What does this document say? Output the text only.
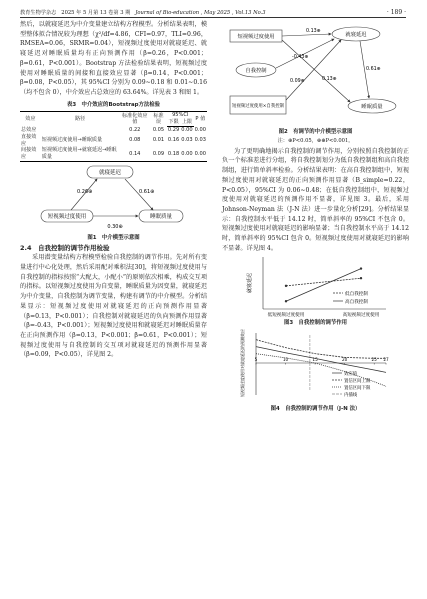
教育生物学杂志 2025 年 5 月第 13 卷第 3 期 Journal of Bio-education , May 2025 , Vol.13 No.3	· 189 ·

然后，以就寝延迟为中介变量建立结构方程模型。分析结果表明，模型整体拟合情况较为理想（χ²/df=4.86，CFI=0.97，TLI=0.96，RMSEA=0.06，SRMR=0.04），短视频过度使用对就寝延迟、就寝延迟对睡眠质量均有正向预测作用（β=0.26，P<0.001；β=0.61，P<0.001）。Bootstrap 方法检验结果表明，短视频过度使用对睡眠质量的间接和直接效应显著（β=0.14，P<0.001；β=0.08，P<0.05），其 95%CI 分别为 0.09~0.18 和 0.01~0.16（均不包含 0），中介效应占总效应的 63.64%。详见表 3 和图 1。

表3　中介效应的Bootstrap方法检验
效应	路径	标准化效应值	标准误	95%CI		P 值
				下限	上限	
总效应		0.22	0.05	0.29	0.00	0.00
直接效应	短视频过度使用→睡眠质量	0.08	0.01	0.16	0.03	0.03
间接效应	短视频过度使用→就寝延迟→睡眠质量	0.14	0.09	0.18	0.00	0.00
就寝延迟
短视频过度使用	睡眠质量
0.26⊕	0.61⊕
0.30⊕
图1　中介模型示意图

2.4　自我控制的调节作用检验

采用潜变量结构方程模型检验自我控制的调节作用。先对所有变量进行中心化处理，然后采用配对乘积法[30]，将短视频过度使用与自我控制的指标按照“大配大，小配小”的原则依次相乘，构成交互项的指标。以短视频过度使用为自变量，睡眠质量为因变量，就寝延迟为中介变量，自我控制为调节变量，构建有调节的中介模型。分析结果显示：短视频过度使用对就寝延迟的正向预测作用显著（β=0.13，P<0.001）；自我控制对就寝延迟的负向预测作用显著（β=-0.43，P<0.001）；短视频过度使用和就寝延迟对睡眠质量存在正向预测作用（β=0.13，P<0.001；β=0.61，P<0.001）；短视频过度使用与自我控制的交互项对就寝延迟的预测作用显著（β=0.09，P<0.05），详见图 2。

短视频过度使用
自我控制
短视频过度使用×自我控制
就寝延迟
睡眠质量
0.13⊕
-0.43⊕
0.09⊕
0.61⊕
0.13⊕
图2　有调节的中介模型示意图
注：⊕P<0.05，⊕⊕P<0.001。

为了更明确地揭示自我控制的调节作用，分别按照自我控制的正负一个标准差进行分组，将自我控制划分为低自我控制组和高自我控制组，进行简单斜率检验。分析结果表明：在高自我控制组中，短视频过度使用对就寝延迟的正向预测作用显著（B_simple=0.22，P<0.05），95%CI 为 0.06~0.48；在低自我控制组中，短视频过度使用对就寝延迟的预测作用不显著，详见图 3。最后，采用 Johnson-Neyman 法（J-N 法）进一步量化分析[29]。分析结果显示：自我控制水平低于 14.12 时，简单斜率的 95%CI 不包含 0。短视频过度使用对就寝延迟的影响显著；当自我控制水平高于 14.12 时，简单斜率的 95%CI 包含 0。短视频过度使用对就寝延迟的影响不显著。详见图 4。

就寝延迟
低短视频过度使用	高短视频过度使用
低自我控制
高自我控制
图3　自我控制的调节作用
短视频过度使用对就寝延迟的预测效应 5	10	15	20	25 27
效应值
置信区间上限
置信区间下限
内插线
图4　自我控制的调节作用（J-N 法）
